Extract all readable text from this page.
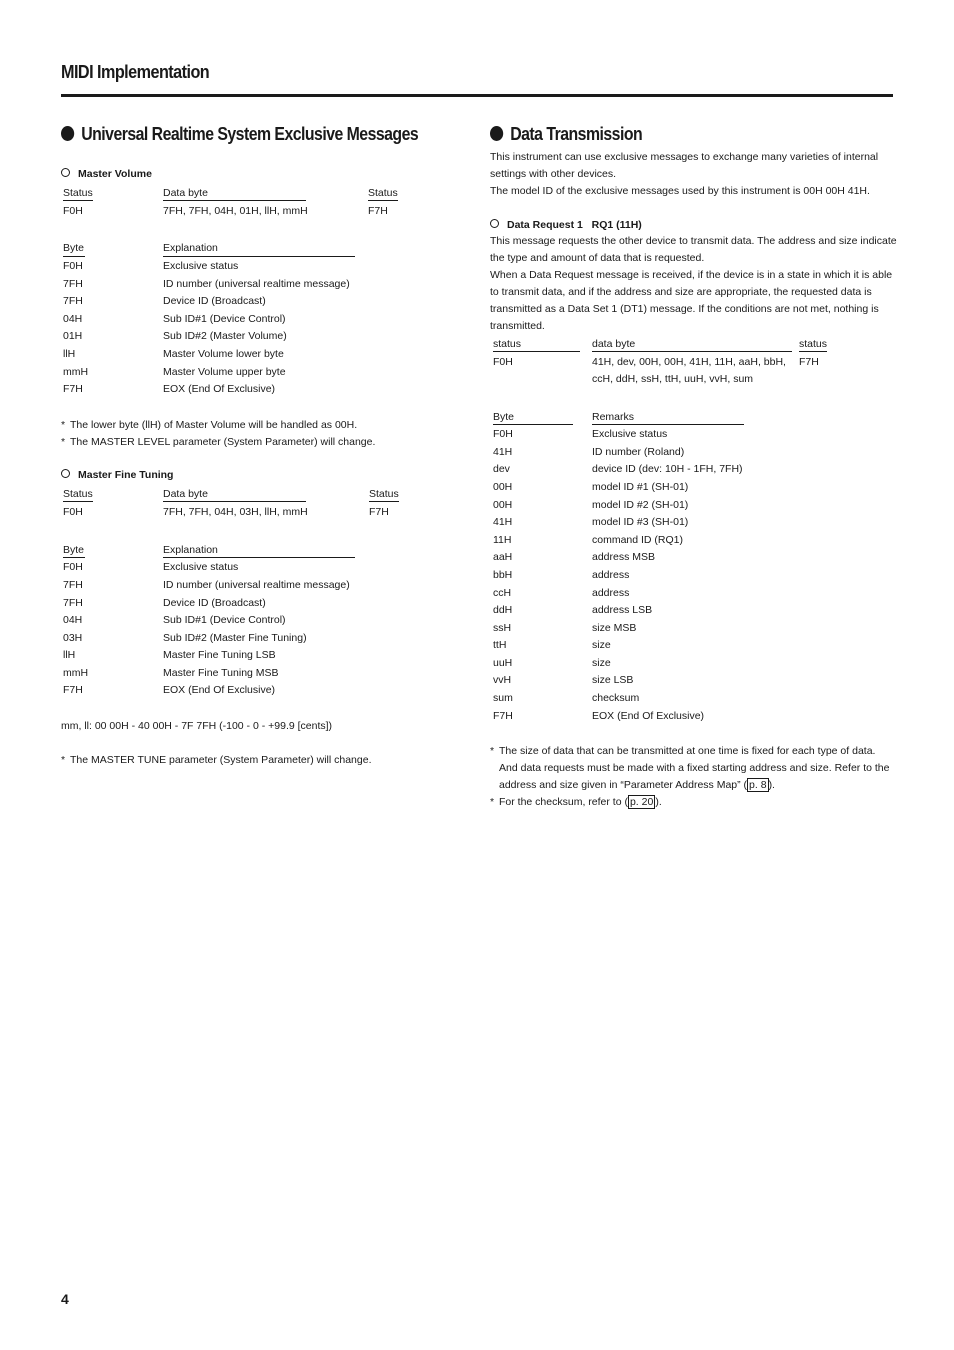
MIDI Implementation
Universal Realtime System Exclusive Messages
Master Volume
Status	Data byte	Status
F0H	7FH, 7FH, 04H, 01H, llH, mmH	F7H
Byte	Explanation
F0H	Exclusive status
7FH	ID number (universal realtime message)
7FH	Device ID (Broadcast)
04H	Sub ID#1 (Device Control)
01H	Sub ID#2 (Master Volume)
llH	Master Volume lower byte
mmH	Master Volume upper byte
F7H	EOX (End Of Exclusive)
* The lower byte (llH) of Master Volume will be handled as 00H.
* The MASTER LEVEL parameter (System Parameter) will change.
Master Fine Tuning
Status	Data byte	Status
F0H	7FH, 7FH, 04H, 03H, llH, mmH	F7H
Byte	Explanation
F0H	Exclusive status
7FH	ID number (universal realtime message)
7FH	Device ID (Broadcast)
04H	Sub ID#1 (Device Control)
03H	Sub ID#2 (Master Fine Tuning)
llH	Master Fine Tuning LSB
mmH	Master Fine Tuning MSB
F7H	EOX (End Of Exclusive)
mm, ll: 00 00H - 40 00H - 7F 7FH (-100 - 0 - +99.9 [cents])
* The MASTER TUNE parameter (System Parameter) will change.
Data Transmission
This instrument can use exclusive messages to exchange many varieties of internal
settings with other devices.
The model ID of the exclusive messages used by this instrument is 00H 00H 41H.
Data Request 1   RQ1 (11H)
This message requests the other device to transmit data. The address and size indicate
the type and amount of data that is requested.
When a Data Request message is received, if the device is in a state in which it is able
to transmit data, and if the address and size are appropriate, the requested data is
transmitted as a Data Set 1 (DT1) message. If the conditions are not met, nothing is
transmitted.
status	data byte	status
F0H	41H, dev, 00H, 00H, 41H, 11H, aaH, bbH, F7H
ccH, ddH, ssH, ttH, uuH, vvH, sum
Byte	Remarks
F0H	Exclusive status
41H	ID number (Roland)
dev	device ID (dev: 10H - 1FH, 7FH)
00H	model ID #1 (SH-01)
00H	model ID #2 (SH-01)
41H	model ID #3 (SH-01)
11H	command ID (RQ1)
aaH	address MSB
bbH	address
ccH	address
ddH	address LSB
ssH	size MSB
ttH	size
uuH	size
vvH	size LSB
sum	checksum
F7H	EOX (End Of Exclusive)
* The size of data that can be transmitted at one time is fixed for each type of data.
And data requests must be made with a fixed starting address and size. Refer to the
address and size given in “Parameter Address Map” ( p. 8 ).
* For the checksum, refer to ( p. 20 ).
4
